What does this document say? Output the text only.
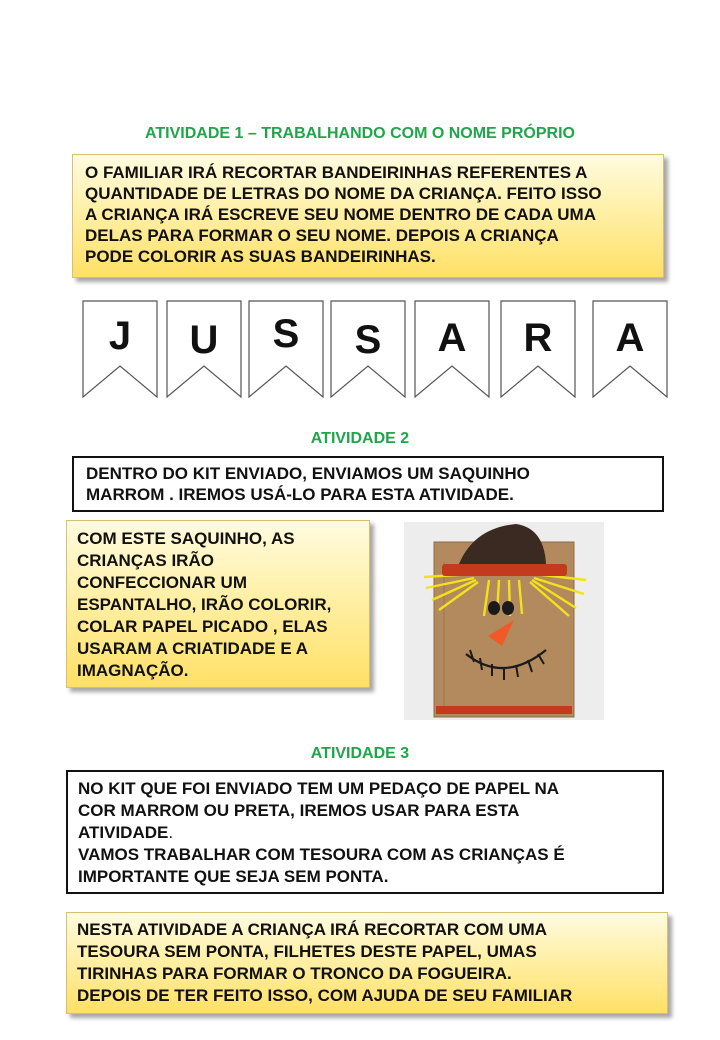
ATIVIDADE 1 – TRABALHANDO COM O NOME PRÓPRIO
O FAMILIAR IRÁ RECORTAR BANDEIRINHAS REFERENTES A
QUANTIDADE DE LETRAS DO NOME DA CRIANÇA. FEITO ISSO
A CRIANÇA IRÁ ESCREVE SEU NOME DENTRO DE CADA UMA
DELAS PARA FORMAR O SEU NOME. DEPOIS A CRIANÇA
PODE COLORIR AS SUAS BANDEIRINHAS.
J	U	S	S	A	R	A
ATIVIDADE 2
DENTRO DO KIT ENVIADO, ENVIAMOS UM SAQUINHO
MARROM . IREMOS USÁ-LO PARA ESTA ATIVIDADE.
COM ESTE SAQUINHO, AS
CRIANÇAS IRÃO
CONFECCIONAR UM
ESPANTALHO, IRÃO COLORIR,
COLAR PAPEL PICADO , ELAS
USARAM A CRIATIDADE E A
IMAGNAÇÃO.
ATIVIDADE 3
NO KIT QUE FOI ENVIADO TEM UM PEDAÇO DE PAPEL NA
COR MARROM OU PRETA, IREMOS USAR PARA ESTA
ATIVIDADE.
VAMOS TRABALHAR COM TESOURA COM AS CRIANÇAS É
IMPORTANTE QUE SEJA SEM PONTA.
NESTA ATIVIDADE A CRIANÇA IRÁ RECORTAR COM UMA
TESOURA SEM PONTA, FILHETES DESTE PAPEL, UMAS
TIRINHAS PARA FORMAR O TRONCO DA FOGUEIRA.
DEPOIS DE TER FEITO ISSO, COM AJUDA DE SEU FAMILIAR
